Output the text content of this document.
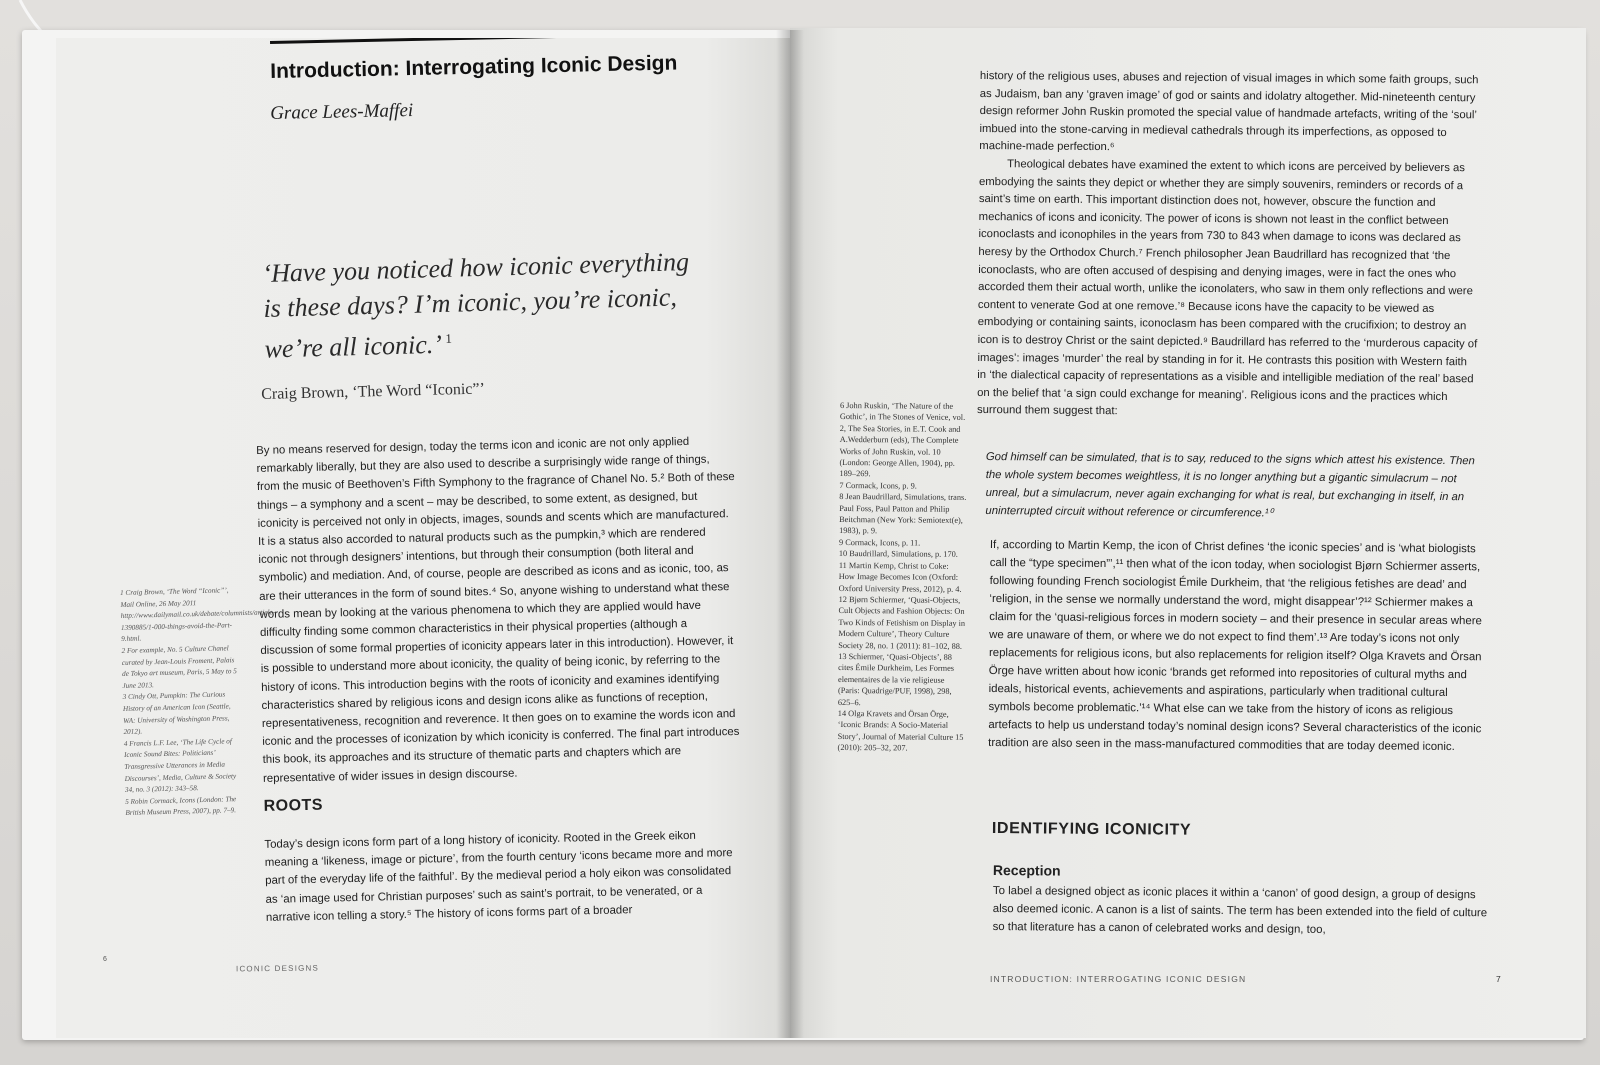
Introduction: Interrogating Iconic Design
Grace Lees-Maffei
‘Have you noticed how iconic everything is these days? I’m iconic, you’re iconic, we’re all iconic.’ $^1$
Craig Brown, ‘The Word “Iconic”’

By no means reserved for design, today the terms icon and iconic are not only applied remarkably liberally, but they are also used to describe a surprisingly wide range of things, from the music of Beethoven’s Fifth Symphony to the fragrance of Chanel No. 5.² Both of these things – a symphony and a scent – may be described, to some extent, as designed, but iconicity is perceived not only in objects, images, sounds and scents which are manufactured. It is a status also accorded to natural products such as the pumpkin,³ which are rendered iconic not through designers’ intentions, but through their consumption (both literal and symbolic) and mediation. And, of course, people are described as icons and as iconic, too, as are their utterances in the form of sound bites.⁴ So, anyone wishing to understand what these words mean by looking at the various phenomena to which they are applied would have difficulty finding some common characteristics in their physical properties (although a discussion of some formal properties of iconicity appears later in this introduction). However, it is possible to understand more about iconicity, the quality of being iconic, by referring to the history of icons. This introduction begins with the roots of iconicity and examines identifying characteristics shared by religious icons and design icons alike as functions of reception, representativeness, recognition and reverence. It then goes on to examine the words icon and iconic and the processes of iconization by which iconicity is conferred. The final part introduces this book, its approaches and its structure of thematic parts and chapters which are representative of wider issues in design discourse.

ROOTS

Today’s design icons form part of a long history of iconicity. Rooted in the Greek eikon meaning a ‘likeness, image or picture’, from the fourth century ‘icons became more and more part of the everyday life of the faithful’. By the medieval period a holy eikon was consolidated as ‘an image used for Christian purposes’ such as saint’s portrait, to be venerated, or a narrative icon telling a story.⁵ The history of icons forms part of a broader

1 Craig Brown, ‘The Word “Iconic”’, Mail Online, 26 May 2011 http://www.dailymail.co.uk/debate/columnists/article-1390885/1-000-things-avoid-the-Part-9.html.
2 For example, No. 5 Culture Chanel curated by Jean-Louis Froment, Palais de Tokyo art museum, Paris, 5 May to 5 June 2013.
3 Cindy Ott, Pumpkin: The Curious History of an American Icon (Seattle, WA: University of Washington Press, 2012).
4 Francis L.F. Lee, ‘The Life Cycle of Iconic Sound Bites: Politicians’ Transgressive Utterances in Media Discourses’, Media, Culture & Society 34, no. 3 (2012): 343–58.
5 Robin Cormack, Icons (London: The British Museum Press, 2007), pp. 7–9.
6
ICONIC DESIGNS

history of the religious uses, abuses and rejection of visual images in which some faith groups, such as Judaism, ban any ‘graven image’ of god or saints and idolatry altogether. Mid-nineteenth century design reformer John Ruskin promoted the special value of handmade artefacts, writing of the ‘soul’ imbued into the stone-carving in medieval cathedrals through its imperfections, as opposed to machine-made perfection.⁶

Theological debates have examined the extent to which icons are perceived by believers as embodying the saints they depict or whether they are simply souvenirs, reminders or records of a saint’s time on earth. This important distinction does not, however, obscure the function and mechanics of icons and iconicity. The power of icons is shown not least in the conflict between iconoclasts and iconophiles in the years from 730 to 843 when damage to icons was declared as heresy by the Orthodox Church.⁷ French philosopher Jean Baudrillard has recognized that ‘the iconoclasts, who are often accused of despising and denying images, were in fact the ones who accorded them their actual worth, unlike the iconolaters, who saw in them only reflections and were content to venerate God at one remove.’⁸ Because icons have the capacity to be viewed as embodying or containing saints, iconoclasm has been compared with the crucifixion; to destroy an icon is to destroy Christ or the saint depicted.⁹ Baudrillard has referred to the ‘murderous capacity of images’: images ‘murder’ the real by standing in for it. He contrasts this position with Western faith in ‘the dialectical capacity of representations as a visible and intelligible mediation of the real’ based on the belief that ‘a sign could exchange for meaning’. Religious icons and the practices which surround them suggest that:

God himself can be simulated, that is to say, reduced to the signs which attest his existence. Then the whole system becomes weightless, it is no longer anything but a gigantic simulacrum – not unreal, but a simulacrum, never again exchanging for what is real, but exchanging in itself, in an uninterrupted circuit without reference or circumference.¹⁰

If, according to Martin Kemp, the icon of Christ defines ‘the iconic species’ and is ‘what biologists call the “type specimen”’,¹¹ then what of the icon today, when sociologist Bjørn Schiermer asserts, following founding French sociologist Émile Durkheim, that ‘the religious fetishes are dead’ and ‘religion, in the sense we normally understand the word, might disappear’?¹² Schiermer makes a claim for the ‘quasi-religious forces in modern society – and their presence in secular areas where we are unaware of them, or where we do not expect to find them’.¹³ Are today’s icons not only replacements for religious icons, but also replacements for religion itself? Olga Kravets and Örsan Örge have written about how iconic ‘brands get reformed into repositories of cultural myths and ideals, historical events, achievements and aspirations, particularly when traditional cultural symbols become problematic.’¹⁴ What else can we take from the history of icons as religious artefacts to help us understand today’s nominal design icons? Several characteristics of the iconic tradition are also seen in the mass-manufactured commodities that are today deemed iconic.

IDENTIFYING ICONICITY
Reception

To label a designed object as iconic places it within a ‘canon’ of good design, a group of designs also deemed iconic. A canon is a list of saints. The term has been extended into the field of culture so that literature has a canon of celebrated works and design, too,

6 John Ruskin, ‘The Nature of the Gothic’, in The Stones of Venice, vol. 2, The Sea Stories, in E.T. Cook and A.Wedderburn (eds), The Complete Works of John Ruskin, vol. 10 (London: George Allen, 1904), pp. 189–269.
7 Cormack, Icons, p. 9.
8 Jean Baudrillard, Simulations, trans. Paul Foss, Paul Patton and Philip Beitchman (New York: Semiotext(e), 1983), p. 9.
9 Cormack, Icons, p. 11.
10 Baudrillard, Simulations, p. 170.
11 Martin Kemp, Christ to Coke: How Image Becomes Icon (Oxford: Oxford University Press, 2012), p. 4.
12 Bjørn Schiermer, ‘Quasi-Objects, Cult Objects and Fashion Objects: On Two Kinds of Fetishism on Display in Modern Culture’, Theory Culture Society 28, no. 1 (2011): 81–102, 88.
13 Schiermer, ‘Quasi-Objects’, 88 cites Émile Durkheim, Les Formes elementaires de la vie religieuse (Paris: Quadrige/PUF, 1998), 298, 625–6.
14 Olga Kravets and Örsan Örge, ‘Iconic Brands: A Socio-Material Story’, Journal of Material Culture 15 (2010): 205–32, 207.
INTRODUCTION: INTERROGATING ICONIC DESIGN	7
